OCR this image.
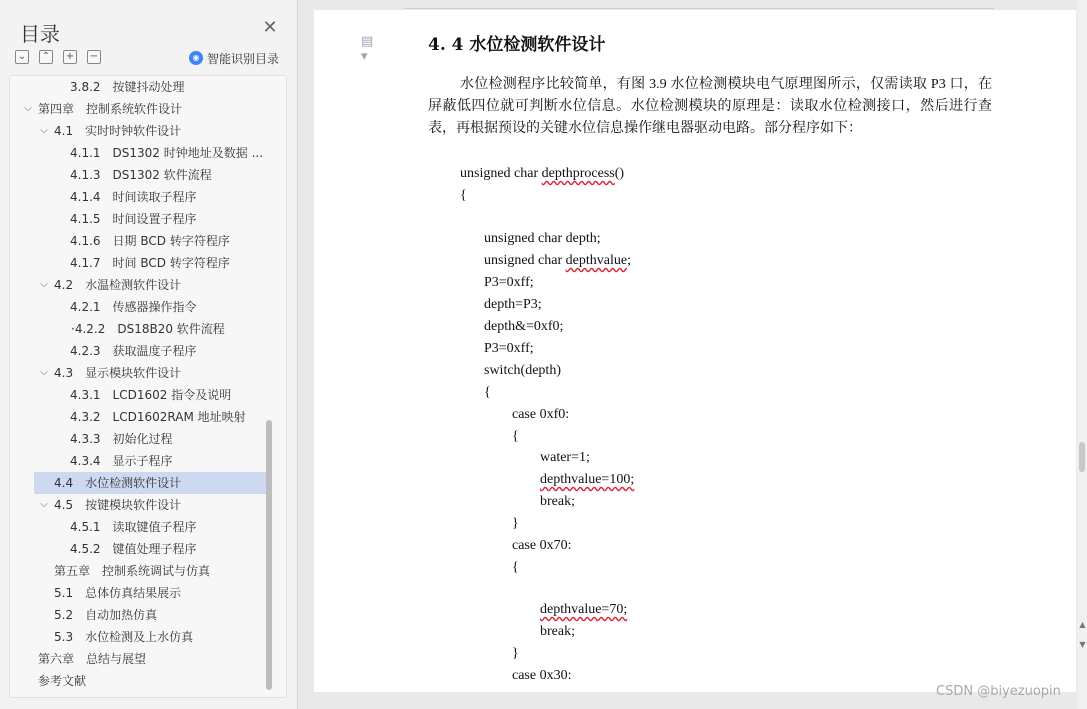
目录	✕
⌄ ⌃ + −	◉ 智能识别目录
3.8.2 按键抖动处理
⌵ 第四章 控制系统软件设计
⌵ 4.1 实时时钟软件设计
4.1.1 DS1302 时钟地址及数据 ...
4.1.3 DS1302 软件流程
4.1.4 时间读取子程序
4.1.5 时间设置子程序
4.1.6 日期 BCD 转字符程序
4.1.7 时间 BCD 转字符程序
⌵ 4.2 水温检测软件设计
4.2.1 传感器操作指令
·4.2.2 DS18B20 软件流程
4.2.3 获取温度子程序
⌵ 4.3 显示模块软件设计
4.3.1 LCD1602 指令及说明
4.3.2 LCD1602RAM 地址映射
4.3.3 初始化过程
4.3.4 显示子程序
4.4 水位检测软件设计
⌵ 4.5 按键模块软件设计
4.5.1 读取键值子程序
4.5.2 键值处理子程序
第五章 控制系统调试与仿真
5.1 总体仿真结果展示
5.2 自动加热仿真
5.3 水位检测及上水仿真
第六章 总结与展望
参考文献
▤ ▾
4. 4 水位检测软件设计
水位检测程序比较简单，有图 3.9 水位检测模块电气原理图所示，仅需读取 P3 口，在屏蔽低四位就可判断水位信息。水位检测模块的原理是：读取水位检测接口，然后进行查表，再根据预设的关键水位信息操作继电器驱动电路。部分程序如下：
unsigned char depthprocess()
{
unsigned char depth;
unsigned char depthvalue;
P3=0xff;
depth=P3;
depth&=0xf0;
P3=0xff;
switch(depth)
{
case 0xf0:
{
water=1;
depthvalue=100;
break;
}
case 0x70:
{
depthvalue=70;
break;
}
case 0x30:
▲
▼
CSDN @biyezuopin
